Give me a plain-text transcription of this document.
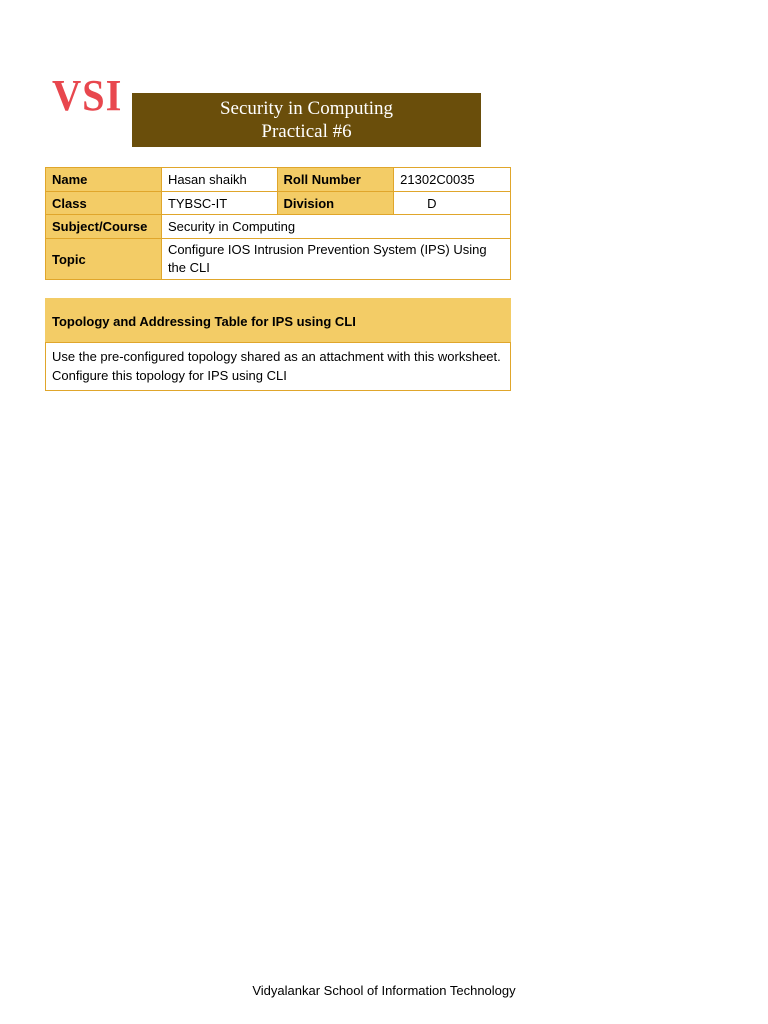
VSI	Security in Computing
Practical #6
Name	Hasan shaikh	Roll Number	21302C0035
Class	TYBSC-IT	Division	D
Subject/Course	Security in Computing		
Topic	Configure IOS Intrusion Prevention System (IPS) Using the CLI		
Topology and Addressing Table for IPS using CLI
Use the pre-configured topology shared as an attachment with this worksheet. Configure this topology for IPS using CLI
Vidyalankar School of Information Technology
